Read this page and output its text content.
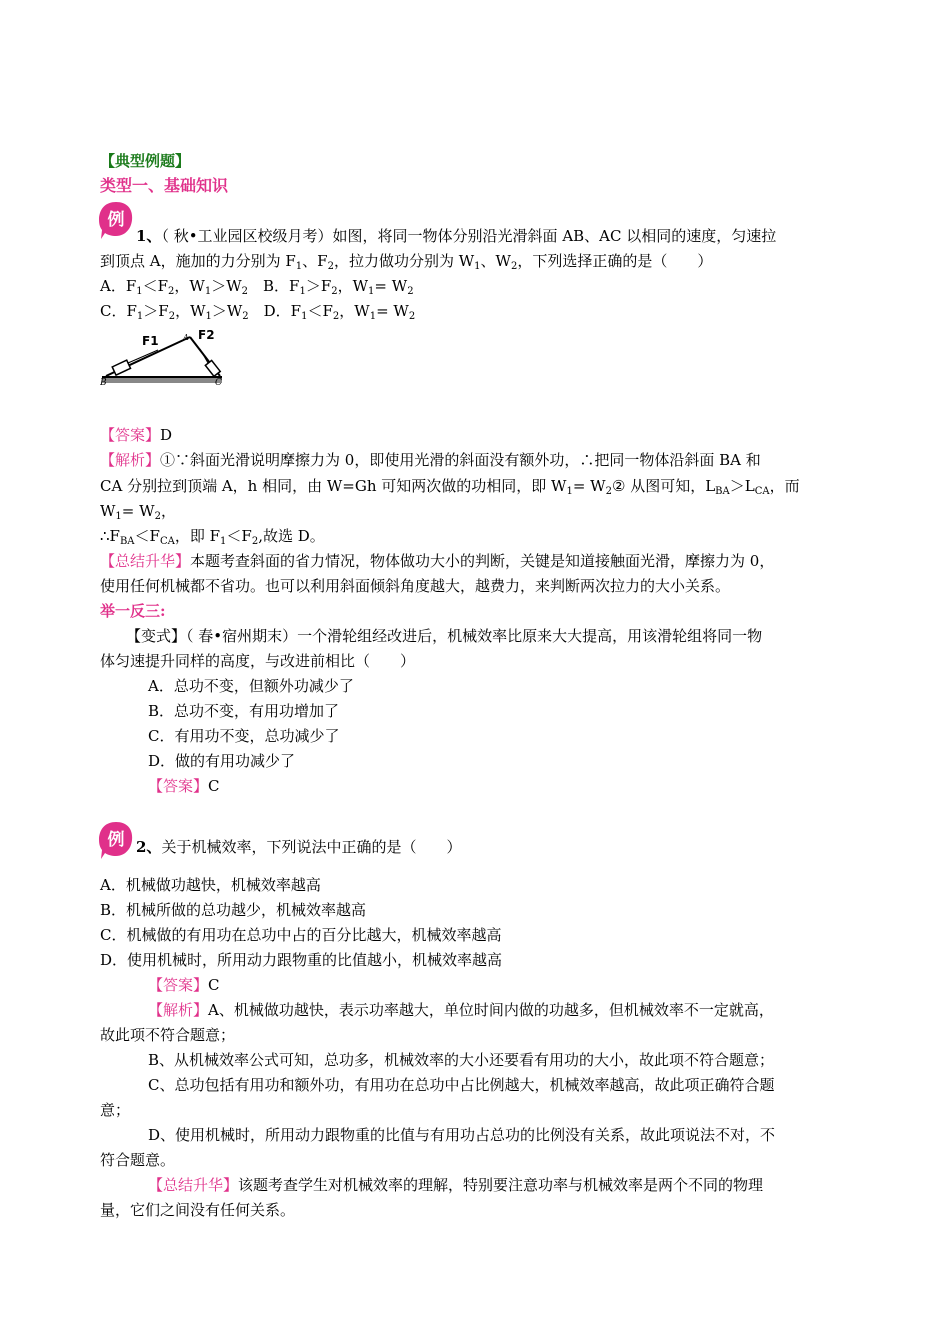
【典型例题】
类型一、基础知识
例
1、（ 秋•工业园区校级月考）如图，将同一物体分别沿光滑斜面 AB、AC 以相同的速度，匀速拉
到顶点 A，施加的力分别为 $F_1$、$F_2$，拉力做功分别为 $W_1$、$W_2$，下列选择正确的是（　　）
A．$F_1<F_2$，$W_1>W_2$　B．$F_1>F_2$，$W_1= W_2$
C．$F_1>F_2$，$W_1>W_2$　D．$F_1<F_2$，$W_1= W_2$
F1	F2
A
B	C
【答案】D
【解析】①∵斜面光滑说明摩擦力为 0，即使用光滑的斜面没有额外功，∴把同一物体沿斜面 BA 和
CA 分别拉到顶端 A，h 相同，由 W=Gh 可知两次做的功相同，即 $W_1=$ $W_2②$ 从图可知，$L_{BA}>L_{CA}$，而
$W_1= W_2$，
$\therefore F_{BA}<F_{CA}$，即 $F_1<F_2$,故选 D。
【总结升华】本题考查斜面的省力情况，物体做功大小的判断，关键是知道接触面光滑，摩擦力为 0，
使用任何机械都不省功。也可以利用斜面倾斜角度越大，越费力，来判断两次拉力的大小关系。
举一反三:
【变式】（ 春•宿州期末）一个滑轮组经改进后，机械效率比原来大大提高，用该滑轮组将同一物
体匀速提升同样的高度，与改进前相比（　　）
A．总功不变，但额外功减少了
B．总功不变，有用功增加了
C．有用功不变，总功减少了
D．做的有用功减少了
【答案】C
例 2、关于机械效率，下列说法中正确的是（　　）
A．机械做功越快，机械效率越高
B．机械所做的总功越少，机械效率越高
C．机械做的有用功在总功中占的百分比越大，机械效率越高
D．使用机械时，所用动力跟物重的比值越小，机械效率越高
【答案】C
【解析】A、机械做功越快，表示功率越大，单位时间内做的功越多，但机械效率不一定就高，
故此项不符合题意；
B、从机械效率公式可知，总功多，机械效率的大小还要看有用功的大小，故此项不符合题意；
C、总功包括有用功和额外功，有用功在总功中占比例越大，机械效率越高，故此项正确符合题
意；
D、使用机械时，所用动力跟物重的比值与有用功占总功的比例没有关系，故此项说法不对，不
符合题意。
【总结升华】该题考查学生对机械效率的理解，特别要注意功率与机械效率是两个不同的物理
量，它们之间没有任何关系。
